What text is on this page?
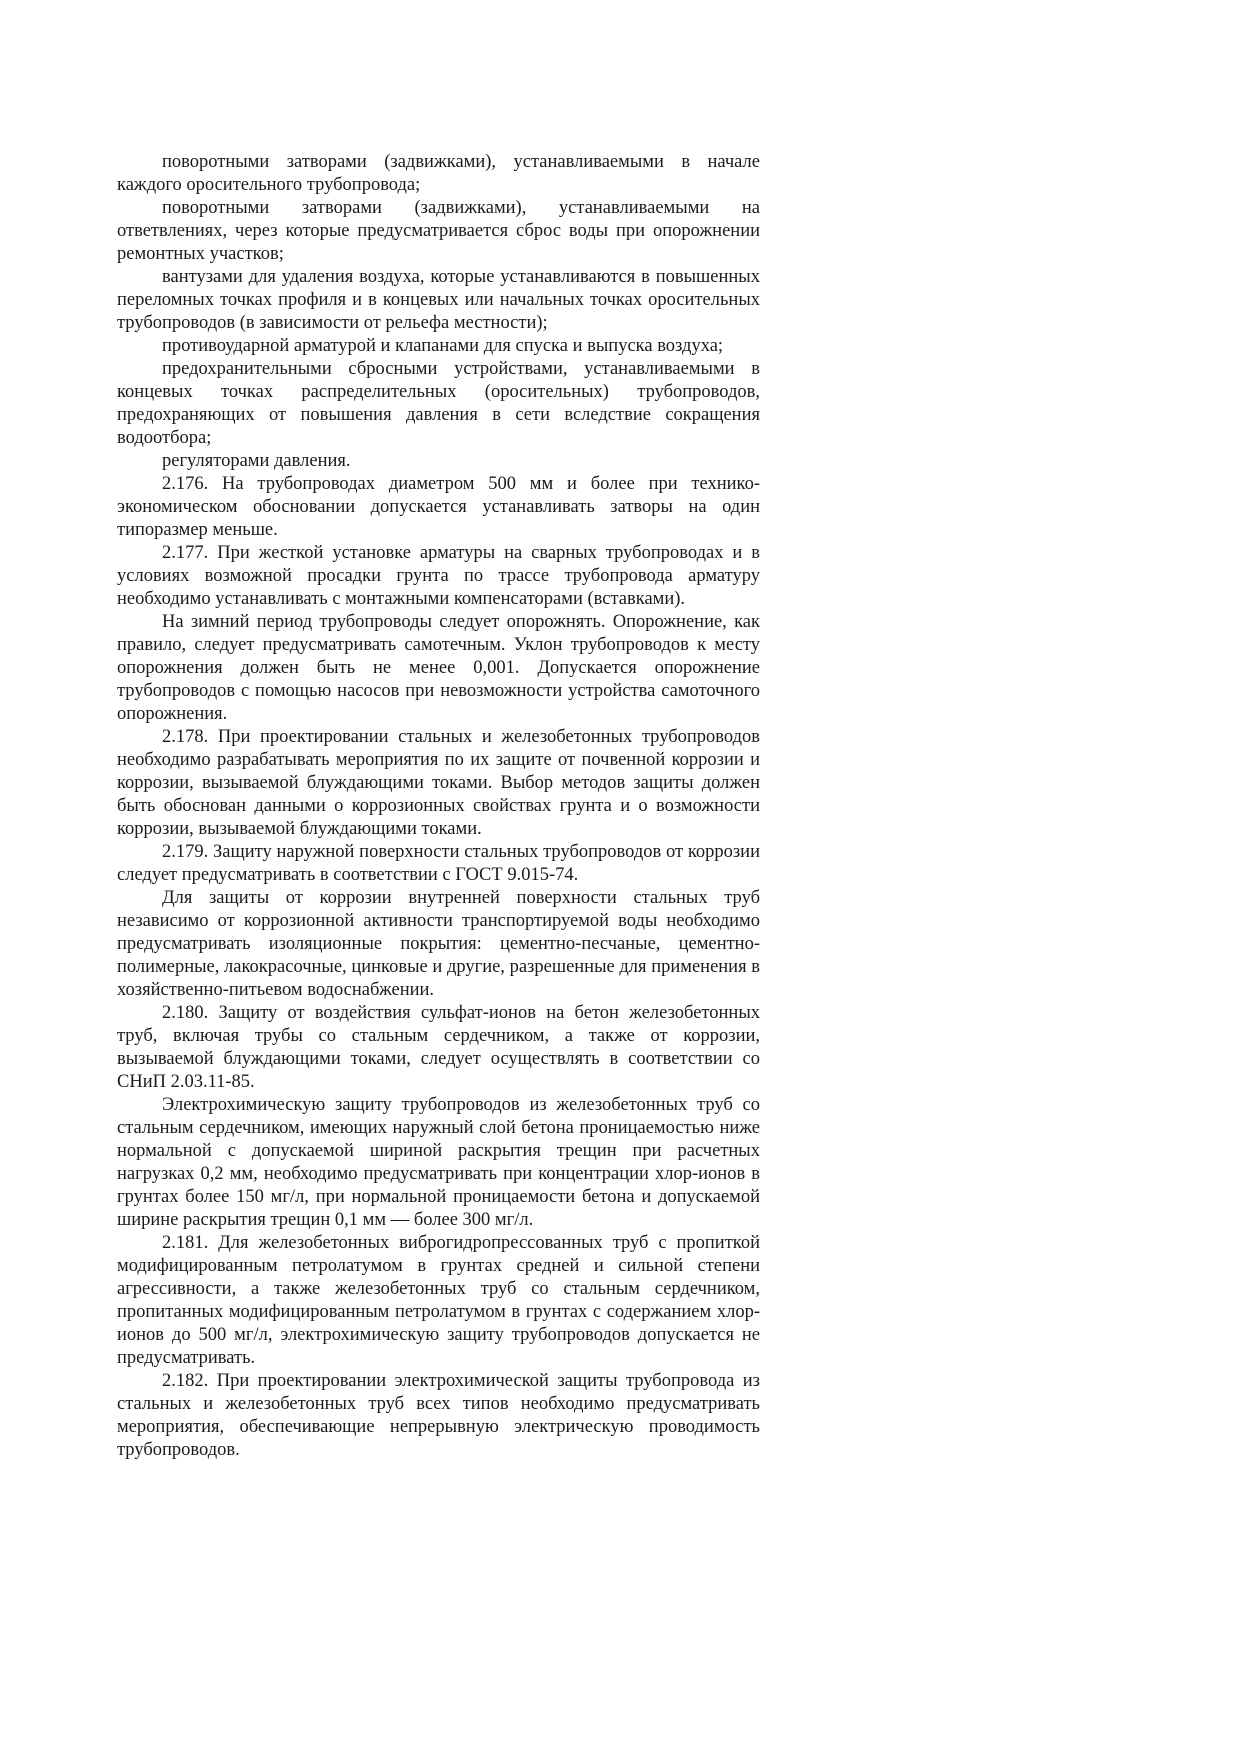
поворотными затворами (задвижками), устанавливаемыми в начале каждого оросительного трубопровода;

поворотными затворами (задвижками), устанавливаемыми на ответвлениях, через которые предусматривается сброс воды при опорожнении ремонтных участков;

вантузами для удаления воздуха, которые устанавливаются в повышенных переломных точках профиля и в концевых или начальных точках оросительных трубопроводов (в зависимости от рельефа местности);

противоударной арматурой и клапанами для спуска и выпуска воздуха;

предохранительными сбросными устройствами, устанавливаемыми в концевых точках распределительных (оросительных) трубопроводов, предохраняющих от повышения давления в сети вследствие сокращения водоотбора;

регуляторами давления.

2.176. На трубопроводах диаметром 500 мм и более при технико-экономическом обосновании допускается устанавливать затворы на один типоразмер меньше.

2.177. При жесткой установке арматуры на сварных трубопроводах и в условиях возможной просадки грунта по трассе трубопровода арматуру необходимо устанавливать с монтажными компенсаторами (вставками).

На зимний период трубопроводы следует опорожнять. Опорожнение, как правило, следует предусматривать самотечным. Уклон трубопроводов к месту опорожнения должен быть не менее 0,001. Допускается опорожнение трубопроводов с помощью насосов при невозможности устройства самоточного опорожнения.

2.178. При проектировании стальных и железобетонных трубопроводов необходимо разрабатывать мероприятия по их защите от почвенной коррозии и коррозии, вызываемой блуждающими токами. Выбор методов защиты должен быть обоснован данными о коррозионных свойствах грунта и о возможности коррозии, вызываемой блуждающими токами.

2.179. Защиту наружной поверхности стальных трубопроводов от коррозии следует предусматривать в соответствии с ГОСТ 9.015-74.

Для защиты от коррозии внутренней поверхности стальных труб независимо от коррозионной активности транспортируемой воды необходимо предусматривать изоляционные покрытия: цементно-песчаные, цементно-полимерные, лакокрасочные, цинковые и другие, разрешенные для применения в хозяйственно-питьевом водоснабжении.

2.180. Защиту от воздействия сульфат-ионов на бетон железобетонных труб, включая трубы со стальным сердечником, а также от коррозии, вызываемой блуждающими токами, следует осуществлять в соответствии со СНиП 2.03.11-85.

Электрохимическую защиту трубопроводов из железобетонных труб со стальным сердечником, имеющих наружный слой бетона проницаемостью ниже нормальной с допускаемой шириной раскрытия трещин при расчетных нагрузках 0,2 мм, необходимо предусматривать при концентрации хлор-ионов в грунтах более 150 мг/л, при нормальной проницаемости бетона и допускаемой ширине раскрытия трещин 0,1 мм — более 300 мг/л.

2.181. Для железобетонных виброгидропрессованных труб с пропиткой модифицированным петролатумом в грунтах средней и сильной степени агрессивности, а также железобетонных труб со стальным сердечником, пропитанных модифицированным петролатумом в грунтах с содержанием хлор-ионов до 500 мг/л, электрохимическую защиту трубопроводов допускается не предусматривать.

2.182. При проектировании электрохимической защиты трубопровода из стальных и железобетонных труб всех типов необходимо предусматривать мероприятия, обеспечивающие непрерывную электрическую проводимость трубопроводов.
